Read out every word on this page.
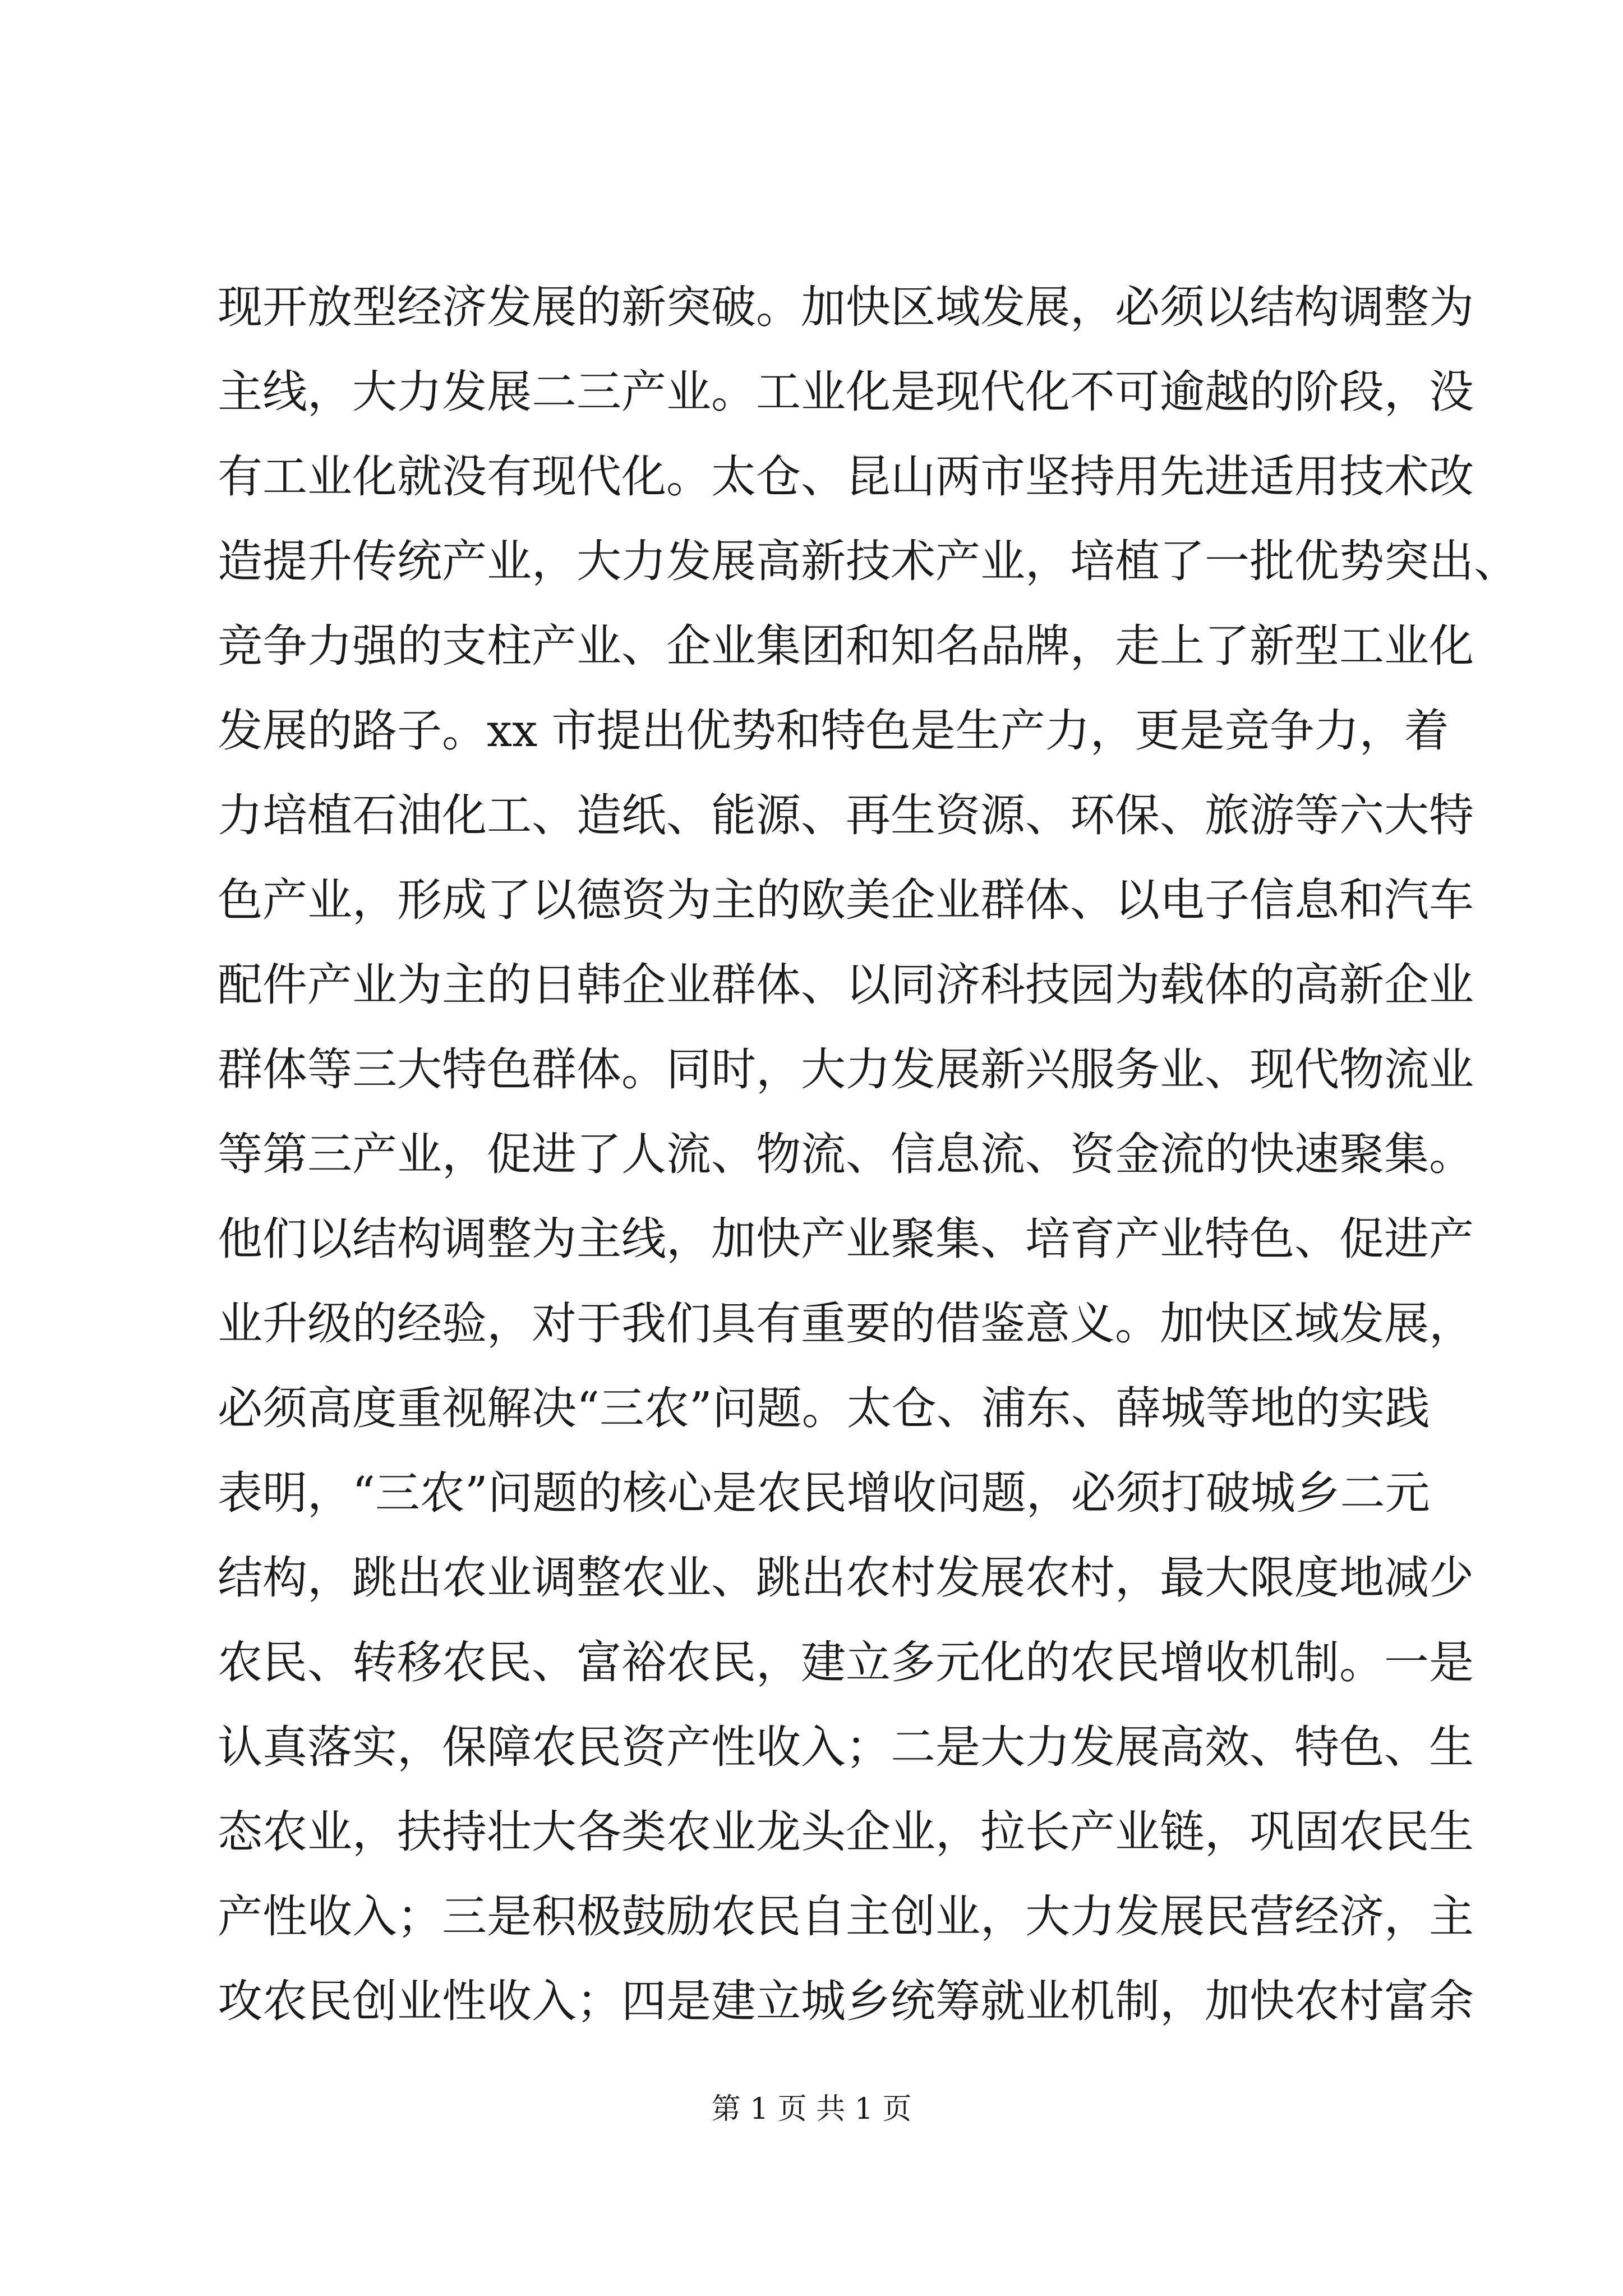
现开放型经济发展的新突破。加快区域发展，必须以结构调整为
主线，大力发展二三产业。工业化是现代化不可逾越的阶段，没
有工业化就没有现代化。太仓、昆山两市坚持用先进适用技术改
造提升传统产业，大力发展高新技术产业，培植了一批优势突出、
竞争力强的支柱产业、企业集团和知名品牌，走上了新型工业化
发展的路子。xx 市提出优势和特色是生产力，更是竞争力，着
力培植石油化工、造纸、能源、再生资源、环保、旅游等六大特
色产业，形成了以德资为主的欧美企业群体、以电子信息和汽车
配件产业为主的日韩企业群体、以同济科技园为载体的高新企业
群体等三大特色群体。同时，大力发展新兴服务业、现代物流业
等第三产业，促进了人流、物流、信息流、资金流的快速聚集。
他们以结构调整为主线，加快产业聚集、培育产业特色、促进产
业升级的经验，对于我们具有重要的借鉴意义。加快区域发展，
必须高度重视解决“三农”问题。太仓、浦东、薛城等地的实践
表明，“三农”问题的核心是农民增收问题，必须打破城乡二元
结构，跳出农业调整农业、跳出农村发展农村，最大限度地减少
农民、转移农民、富裕农民，建立多元化的农民增收机制。一是
认真落实，保障农民资产性收入；二是大力发展高效、特色、生
态农业，扶持壮大各类农业龙头企业，拉长产业链，巩固农民生
产性收入；三是积极鼓励农民自主创业，大力发展民营经济，主
攻农民创业性收入；四是建立城乡统筹就业机制，加快农村富余
第 1 页 共 1 页
